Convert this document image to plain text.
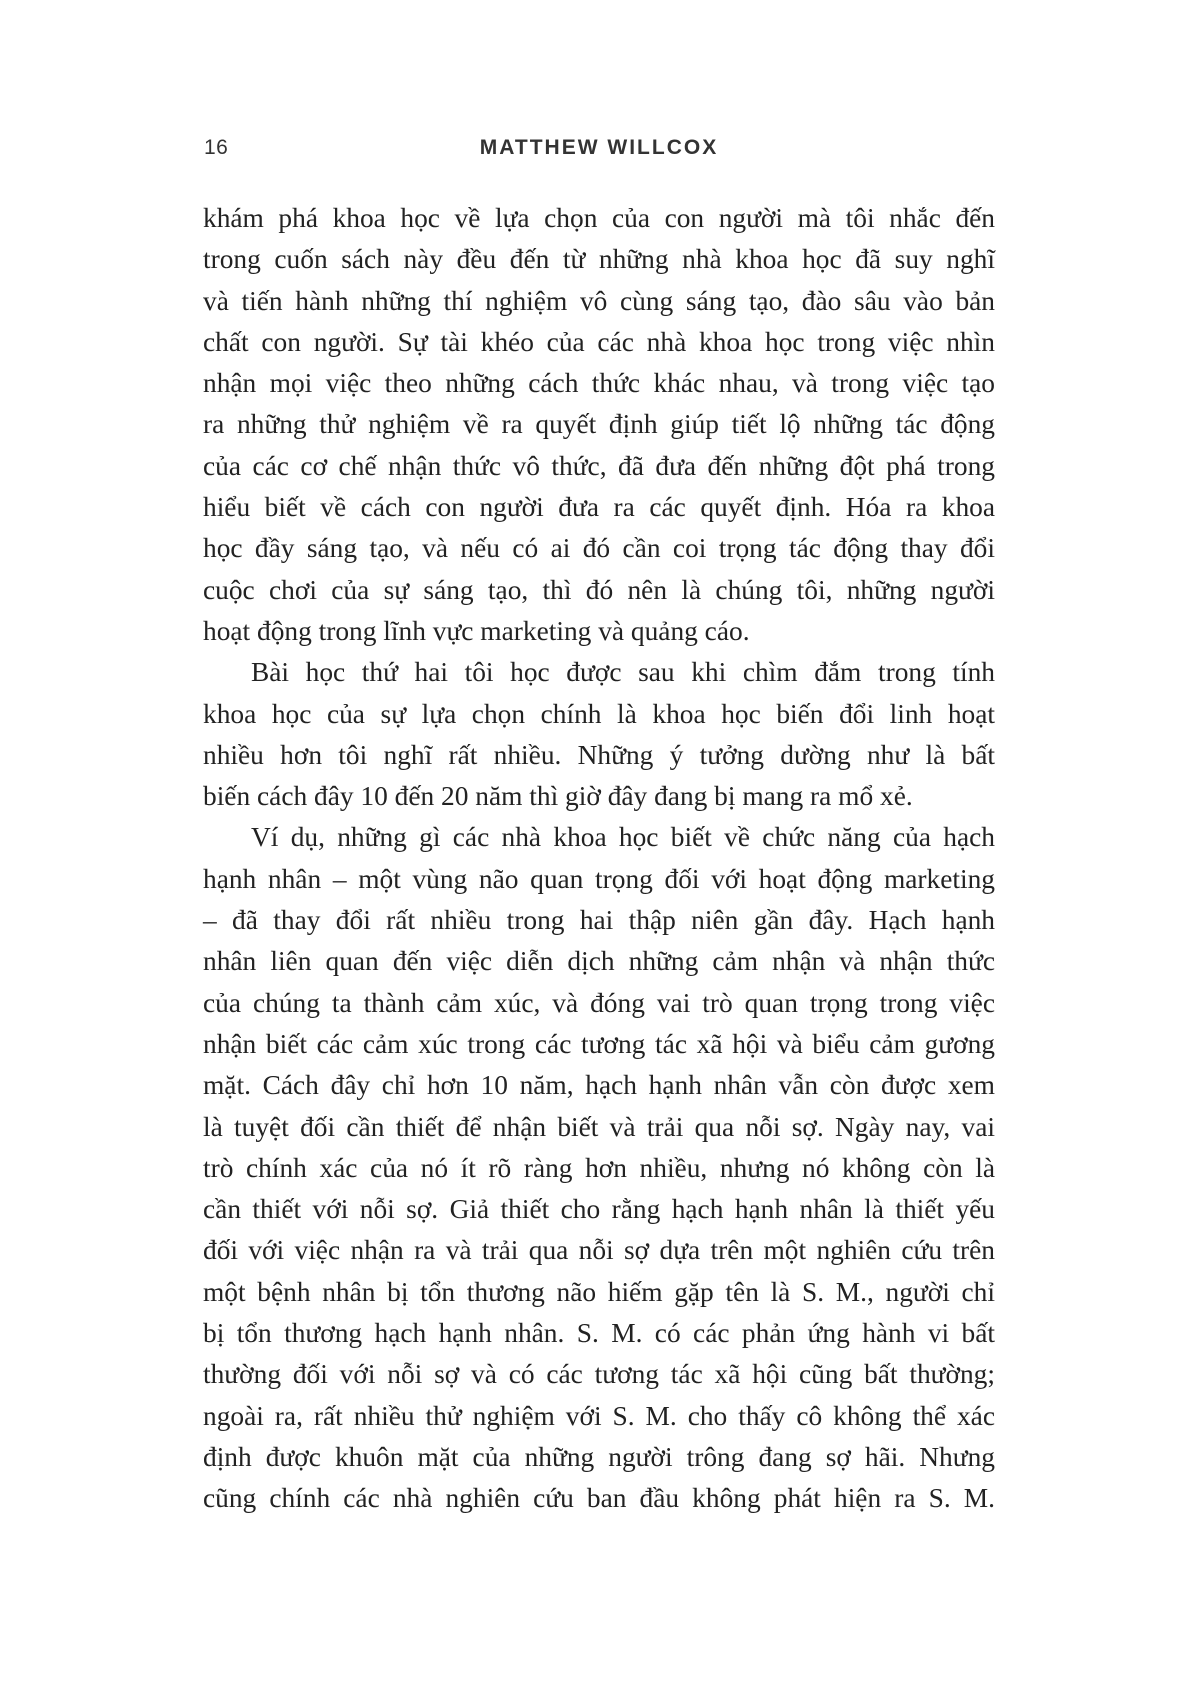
16	MATTHEW WILLCOX
khám phá khoa học về lựa chọn của con người mà tôi nhắc đến
trong cuốn sách này đều đến từ những nhà khoa học đã suy nghĩ
và tiến hành những thí nghiệm vô cùng sáng tạo, đào sâu vào bản
chất con người. Sự tài khéo của các nhà khoa học trong việc nhìn
nhận mọi việc theo những cách thức khác nhau, và trong việc tạo
ra những thử nghiệm về ra quyết định giúp tiết lộ những tác động
của các cơ chế nhận thức vô thức, đã đưa đến những đột phá trong
hiểu biết về cách con người đưa ra các quyết định. Hóa ra khoa
học đầy sáng tạo, và nếu có ai đó cần coi trọng tác động thay đổi
cuộc chơi của sự sáng tạo, thì đó nên là chúng tôi, những người
hoạt động trong lĩnh vực marketing và quảng cáo.
Bài học thứ hai tôi học được sau khi chìm đắm trong tính
khoa học của sự lựa chọn chính là khoa học biến đổi linh hoạt
nhiều hơn tôi nghĩ rất nhiều. Những ý tưởng dường như là bất
biến cách đây 10 đến 20 năm thì giờ đây đang bị mang ra mổ xẻ.
Ví dụ, những gì các nhà khoa học biết về chức năng của hạch
hạnh nhân – một vùng não quan trọng đối với hoạt động marketing
– đã thay đổi rất nhiều trong hai thập niên gần đây. Hạch hạnh
nhân liên quan đến việc diễn dịch những cảm nhận và nhận thức
của chúng ta thành cảm xúc, và đóng vai trò quan trọng trong việc
nhận biết các cảm xúc trong các tương tác xã hội và biểu cảm gương
mặt. Cách đây chỉ hơn 10 năm, hạch hạnh nhân vẫn còn được xem
là tuyệt đối cần thiết để nhận biết và trải qua nỗi sợ. Ngày nay, vai
trò chính xác của nó ít rõ ràng hơn nhiều, nhưng nó không còn là
cần thiết với nỗi sợ. Giả thiết cho rằng hạch hạnh nhân là thiết yếu
đối với việc nhận ra và trải qua nỗi sợ dựa trên một nghiên cứu trên
một bệnh nhân bị tổn thương não hiếm gặp tên là S. M., người chỉ
bị tổn thương hạch hạnh nhân. S. M. có các phản ứng hành vi bất
thường đối với nỗi sợ và có các tương tác xã hội cũng bất thường;
ngoài ra, rất nhiều thử nghiệm với S. M. cho thấy cô không thể xác
định được khuôn mặt của những người trông đang sợ hãi. Nhưng
cũng chính các nhà nghiên cứu ban đầu không phát hiện ra S. M.
